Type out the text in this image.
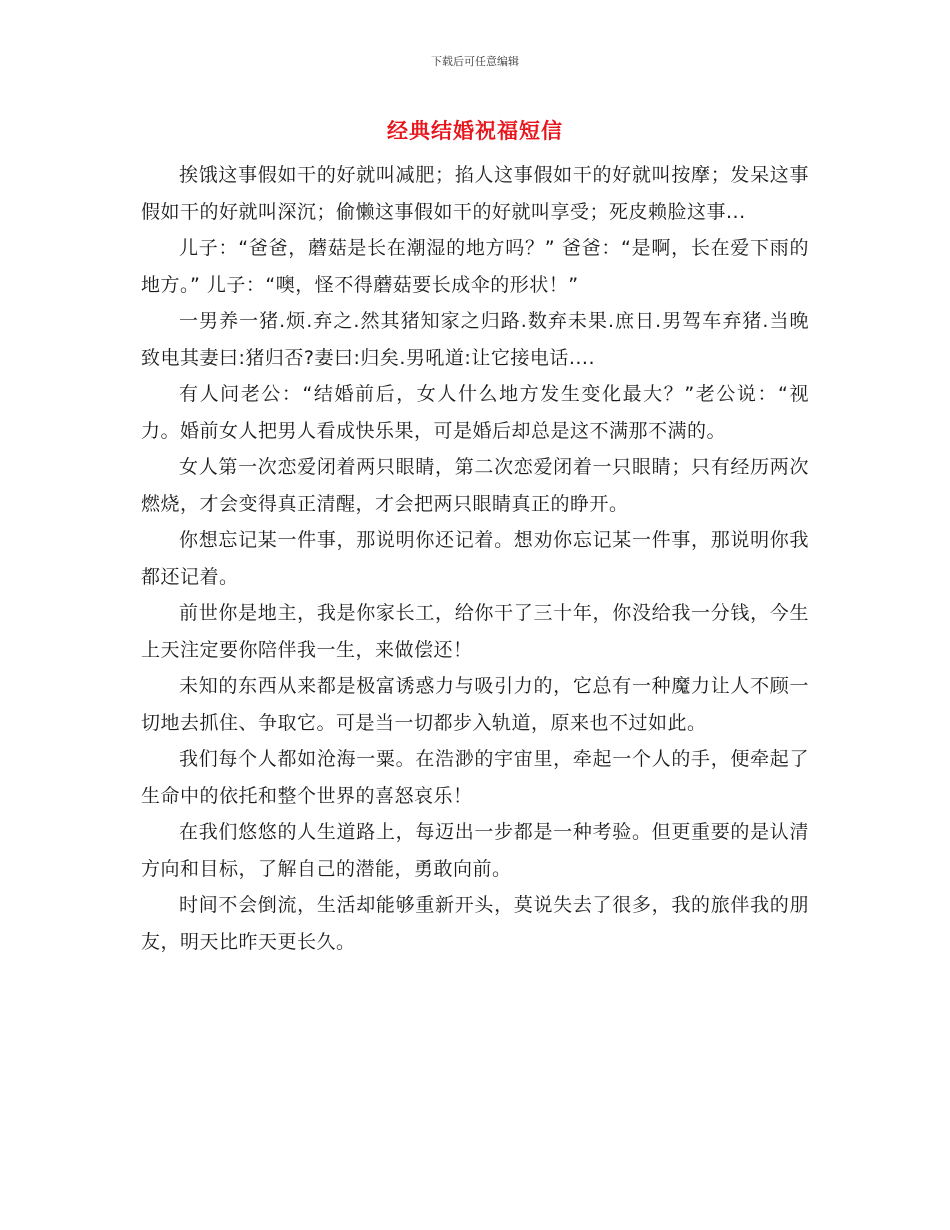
下载后可任意编辑
经典结婚祝福短信

挨饿这事假如干的好就叫减肥；掐人这事假如干的好就叫按摩；发呆这事假如干的好就叫深沉；偷懒这事假如干的好就叫享受；死皮赖脸这事...

儿子：“爸爸，蘑菇是长在潮湿的地方吗？” 爸爸：“是啊，长在爱下雨的地方。” 儿子：“噢，怪不得蘑菇要长成伞的形状！”

一男养一猪.烦.弃之.然其猪知家之归路.数弃未果.庶日.男驾车弃猪.当晚致电其妻曰:猪归否?妻曰:归矣.男吼道:让它接电话....

有人问老公：“结婚前后，女人什么地方发生变化最大？”老公说：“视力。婚前女人把男人看成快乐果，可是婚后却总是这不满那不满的。

女人第一次恋爱闭着两只眼睛，第二次恋爱闭着一只眼睛；只有经历两次燃烧，才会变得真正清醒，才会把两只眼睛真正的睁开。

你想忘记某一件事，那说明你还记着。想劝你忘记某一件事，那说明你我都还记着。

前世你是地主，我是你家长工，给你干了三十年，你没给我一分钱，今生上天注定要你陪伴我一生，来做偿还！

未知的东西从来都是极富诱惑力与吸引力的，它总有一种魔力让人不顾一切地去抓住、争取它。可是当一切都步入轨道，原来也不过如此。

我们每个人都如沧海一粟。在浩渺的宇宙里，牵起一个人的手，便牵起了生命中的依托和整个世界的喜怒哀乐！

在我们悠悠的人生道路上，每迈出一步都是一种考验。但更重要的是认清方向和目标，了解自己的潜能，勇敢向前。

时间不会倒流，生活却能够重新开头，莫说失去了很多，我的旅伴我的朋友，明天比昨天更长久。
